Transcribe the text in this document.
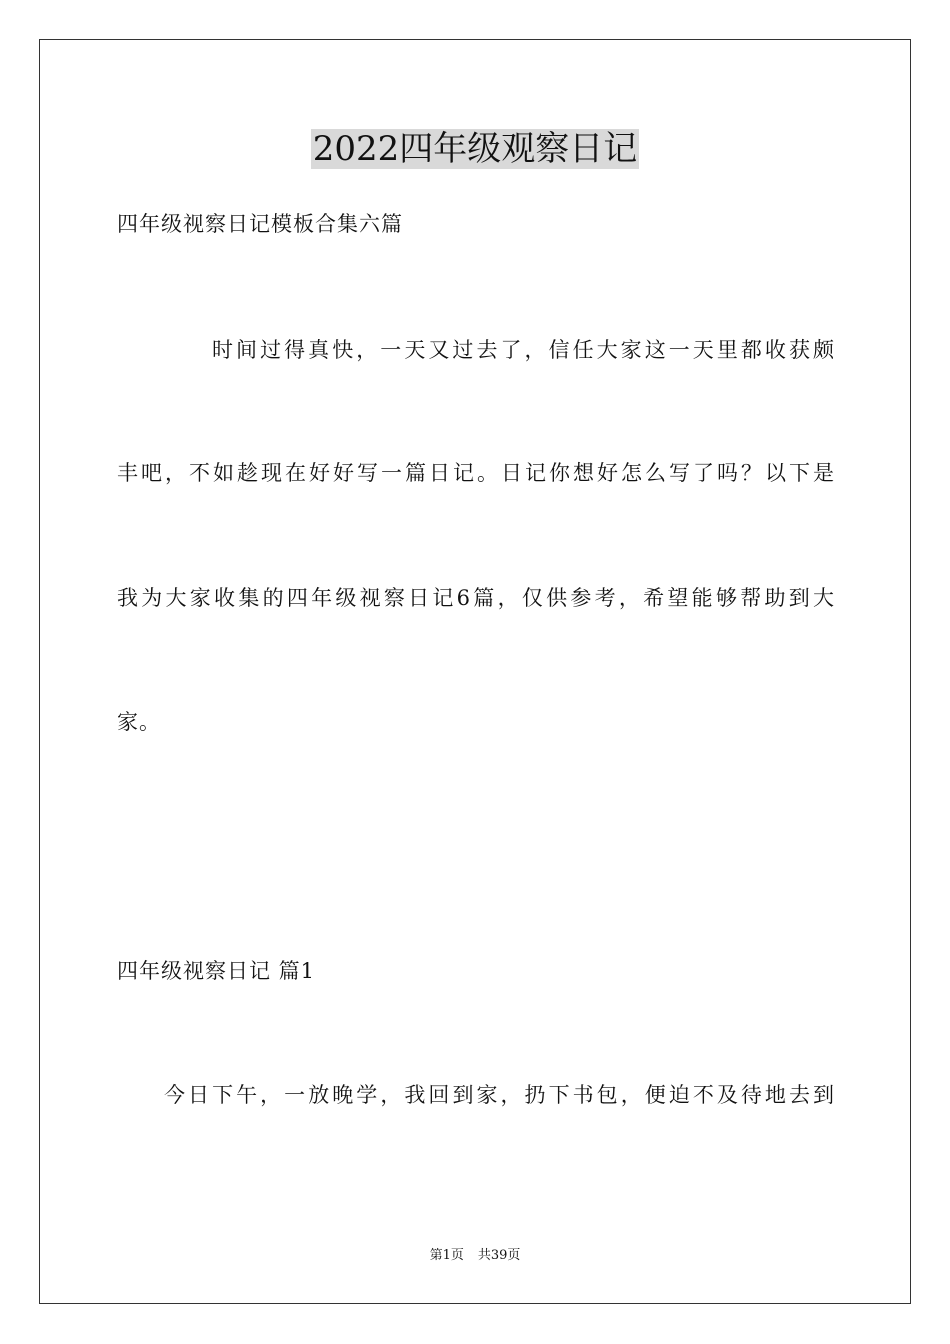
2022四年级观察日记
四年级视察日记模板合集六篇
时间过得真快，一天又过去了，信任大家这一天里都收获颇
丰吧，不如趁现在好好写一篇日记。日记你想好怎么写了吗？以下是
我为大家收集的四年级视察日记6篇，仅供参考，希望能够帮助到大
家。
四年级视察日记 篇1
今日下午，一放晚学，我回到家，扔下书包，便迫不及待地去到
第1页 共39页
